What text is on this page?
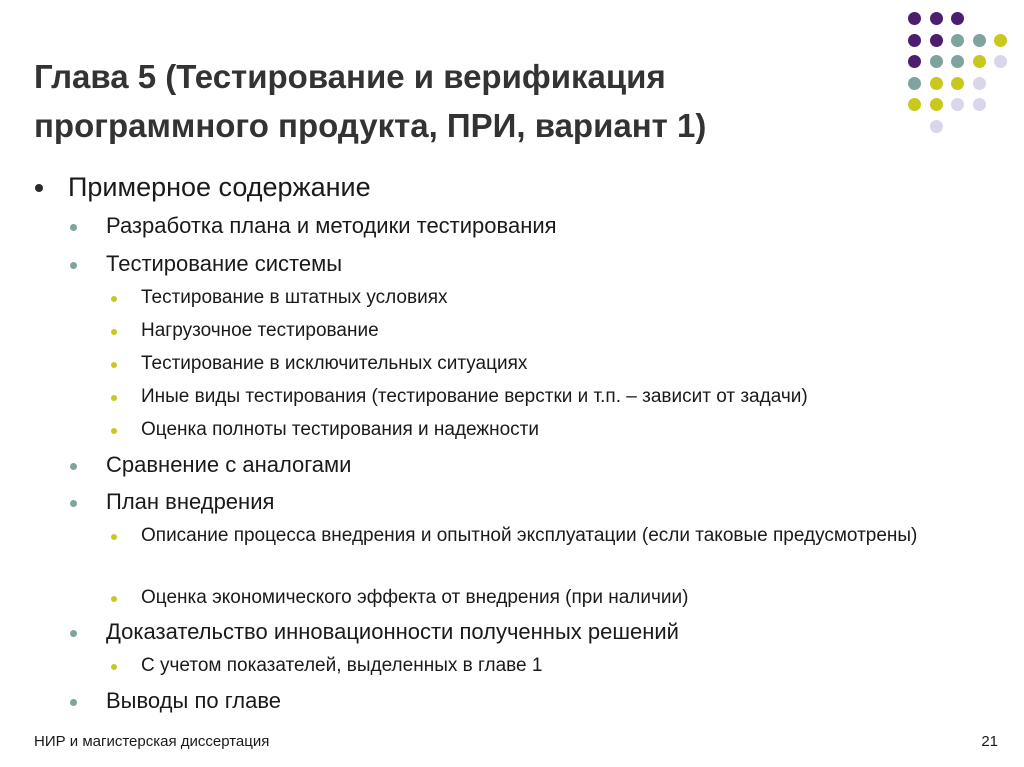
Глава 5 (Тестирование и верификация программного продукта, ПРИ, вариант 1)
Примерное содержание
Разработка плана и методики тестирования
Тестирование системы
Тестирование в штатных условиях
Нагрузочное тестирование
Тестирование в исключительных ситуациях
Иные виды тестирования (тестирование верстки и т.п. – зависит от задачи)
Оценка полноты тестирования и надежности
Сравнение с аналогами
План внедрения
Описание процесса внедрения и опытной эксплуатации (если таковые предусмотрены)
Оценка экономического эффекта от внедрения (при наличии)
Доказательство инновационности полученных решений
С учетом показателей, выделенных в главе 1
Выводы по главе
НИР и магистерская диссертация	21
